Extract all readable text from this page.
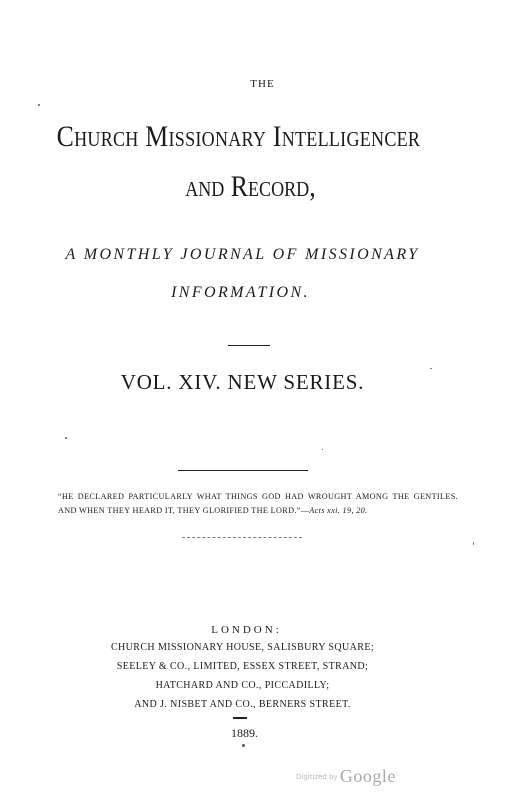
THE
Church Missionary Intelligencer
and Record,
A MONTHLY JOURNAL OF MISSIONARY
INFORMATION.
VOL. XIV. NEW SERIES.
“HE DECLARED PARTICULARLY WHAT THINGS GOD HAD WROUGHT AMONG THE GENTILES. AND WHEN THEY HEARD IT, THEY GLORIFIED THE LORD.”—Acts xxi. 19, 20.
LONDON:
CHURCH MISSIONARY HOUSE, SALISBURY SQUARE;
SEELEY & CO., LIMITED, ESSEX STREET, STRAND;
HATCHARD AND CO., PICCADILLY;
AND J. NISBET AND CO., BERNERS STREET.
1889.
Digitized by Google
